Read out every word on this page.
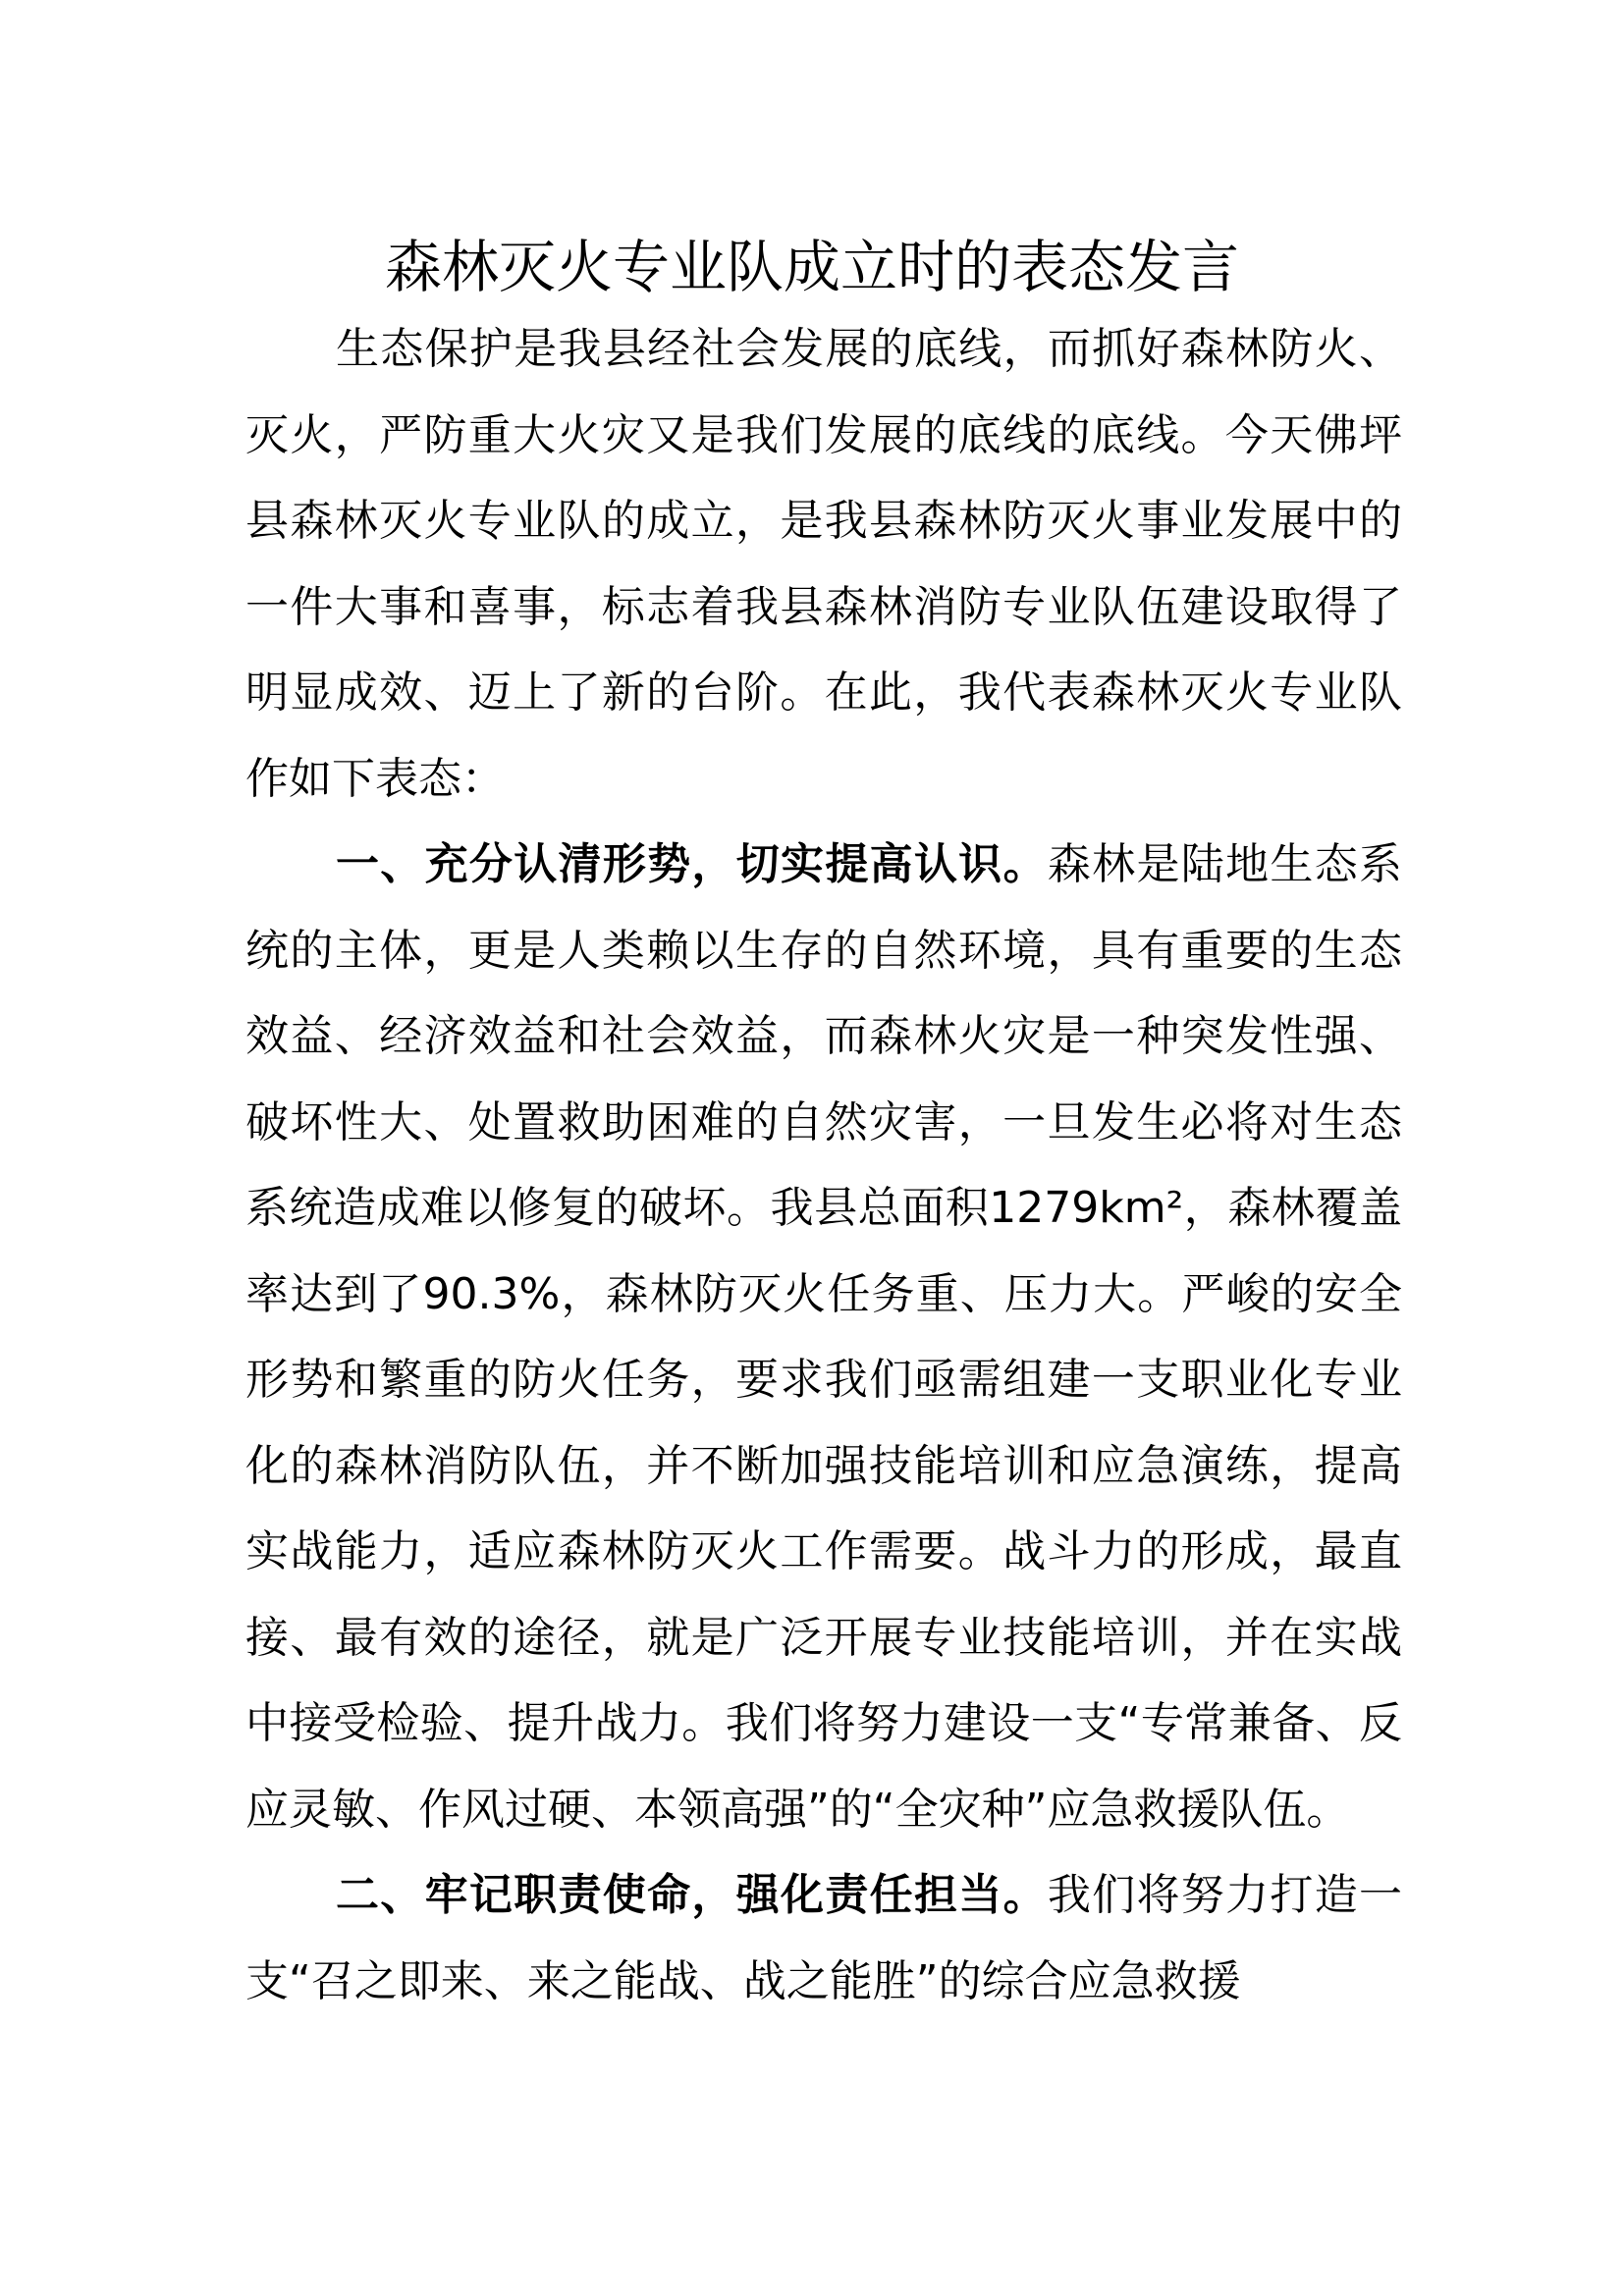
森林灭火专业队成立时的表态发言

生态保护是我县经社会发展的底线，而抓好森林防火、灭火，严防重大火灾又是我们发展的底线的底线。今天佛坪县森林灭火专业队的成立，是我县森林防灭火事业发展中的一件大事和喜事，标志着我县森林消防专业队伍建设取得了明显成效、迈上了新的台阶。在此，我代表森林灭火专业队作如下表态：

一、充分认清形势，切实提高认识。森林是陆地生态系统的主体，更是人类赖以生存的自然环境，具有重要的生态效益、经济效益和社会效益，而森林火灾是一种突发性强、破坏性大、处置救助困难的自然灾害，一旦发生必将对生态系统造成难以修复的破坏。我县总面积1279km²，森林覆盖率达到了90.3%，森林防灭火任务重、压力大。严峻的安全形势和繁重的防火任务，要求我们亟需组建一支职业化专业化的森林消防队伍，并不断加强技能培训和应急演练，提高实战能力，适应森林防灭火工作需要。战斗力的形成，最直接、最有效的途径，就是广泛开展专业技能培训，并在实战中接受检验、提升战力。我们将努力建设一支“专常兼备、反应灵敏、作风过硬、本领高强”的“全灾种”应急救援队伍。

二、牢记职责使命，强化责任担当。我们将努力打造一支“召之即来、来之能战、战之能胜”的综合应急救援
